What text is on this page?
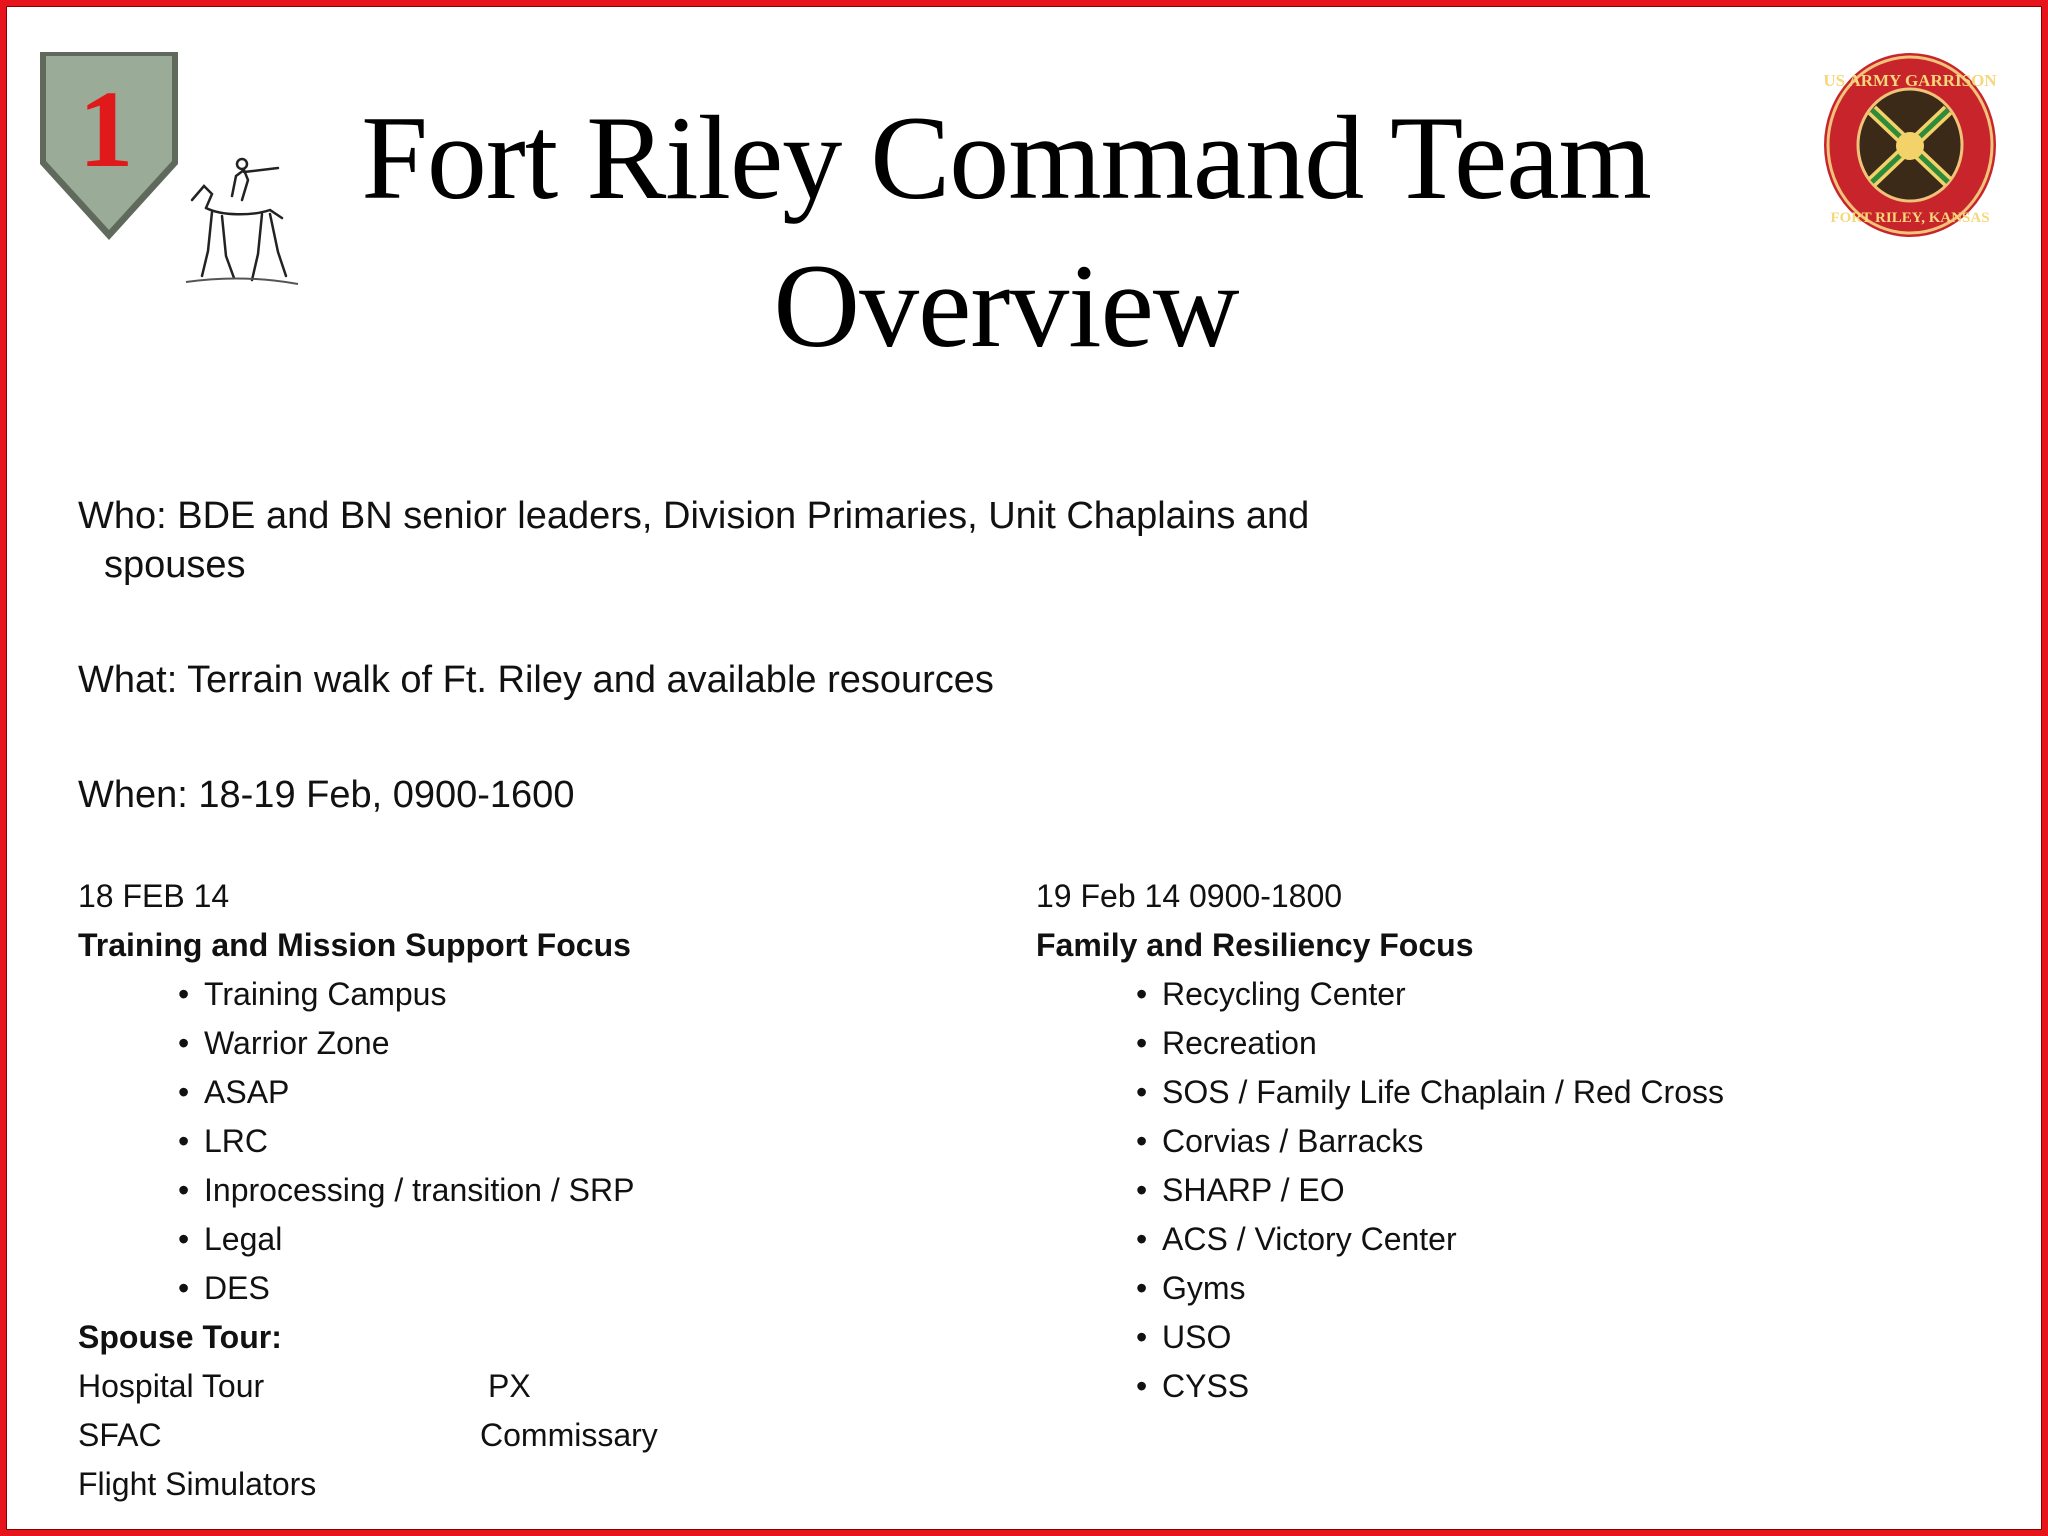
1	US ARMY GARRISON
FORT RILEY, KANSAS
Fort Riley Command Team
Overview
Who: BDE and BN senior leaders, Division Primaries, Unit Chaplains and
spouses
What: Terrain walk of Ft. Riley and available resources
When: 18-19 Feb, 0900-1600
18 FEB 14
Training and Mission Support Focus
• Training Campus
• Warrior Zone
• ASAP
• LRC
• Inprocessing / transition / SRP
• Legal
• DES
Spouse Tour:
Hospital Tour	PX
SFAC	Commissary
Flight Simulators
19 Feb 14 0900-1800
Family and Resiliency Focus
• Recycling Center
• Recreation
• SOS / Family Life Chaplain / Red Cross
• Corvias / Barracks
• SHARP / EO
• ACS / Victory Center
• Gyms
• USO
• CYSS
